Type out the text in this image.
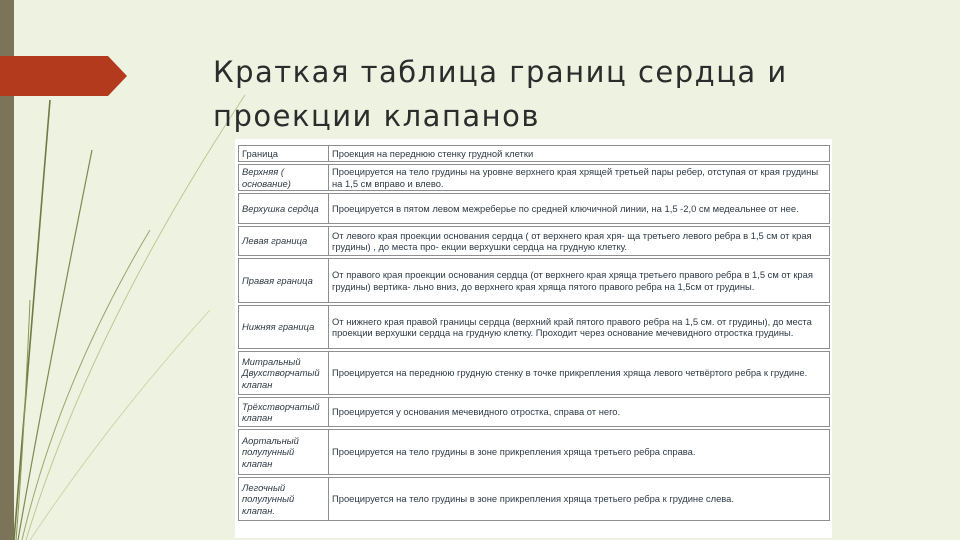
Краткая таблица границ сердца и проекции клапанов
Граница	Проекция на переднюю стенку грудной клетки
Верхняя ( основание)	Проецируется на тело грудины на уровне верхнего края хрящей третьей пары ребер, отступая от края грудины на 1,5 см вправо и влево.
Верхушка сердца	Проецируется в пятом левом межреберье по средней ключичной линии, на 1,5 -2,0 см медеальнее от нее.
Левая граница	От левого края проекции основания сердца ( от верхнего края хря- ща третьего левого ребра в 1,5 см от края грудины) , до места про- екции верхушки сердца на грудную клетку.
Правая граница	От правого края проекции основания сердца (от верхнего края хряща третьего правого ребра в 1,5 см от края грудины) вертика- льно вниз, до верхнего края хряща пятого правого ребра на 1,5см от грудины.
Нижняя граница	От нижнего края правой границы сердца (верхний край пятого правого ребра на 1,5 см. от грудины), до места проекции верхушки сердца на грудную клетку. Проходит через основание мечевидного отростка грудины.
Митральный Двухстворчатый клапан	Проецируется на переднюю грудную стенку в точке прикрепления хряща левого четвёртого ребра к грудине.
Трёхстворчатый клапан	Проецируется у основания мечевидного отростка, справа от него.
Аортальный полулунный клапан	Проецируется на тело грудины в зоне прикрепления хряща третьего ребра справа.
Легочный полулунный клапан.	Проецируется на тело грудины в зоне прикрепления хряща третьего ребра к грудине слева.
